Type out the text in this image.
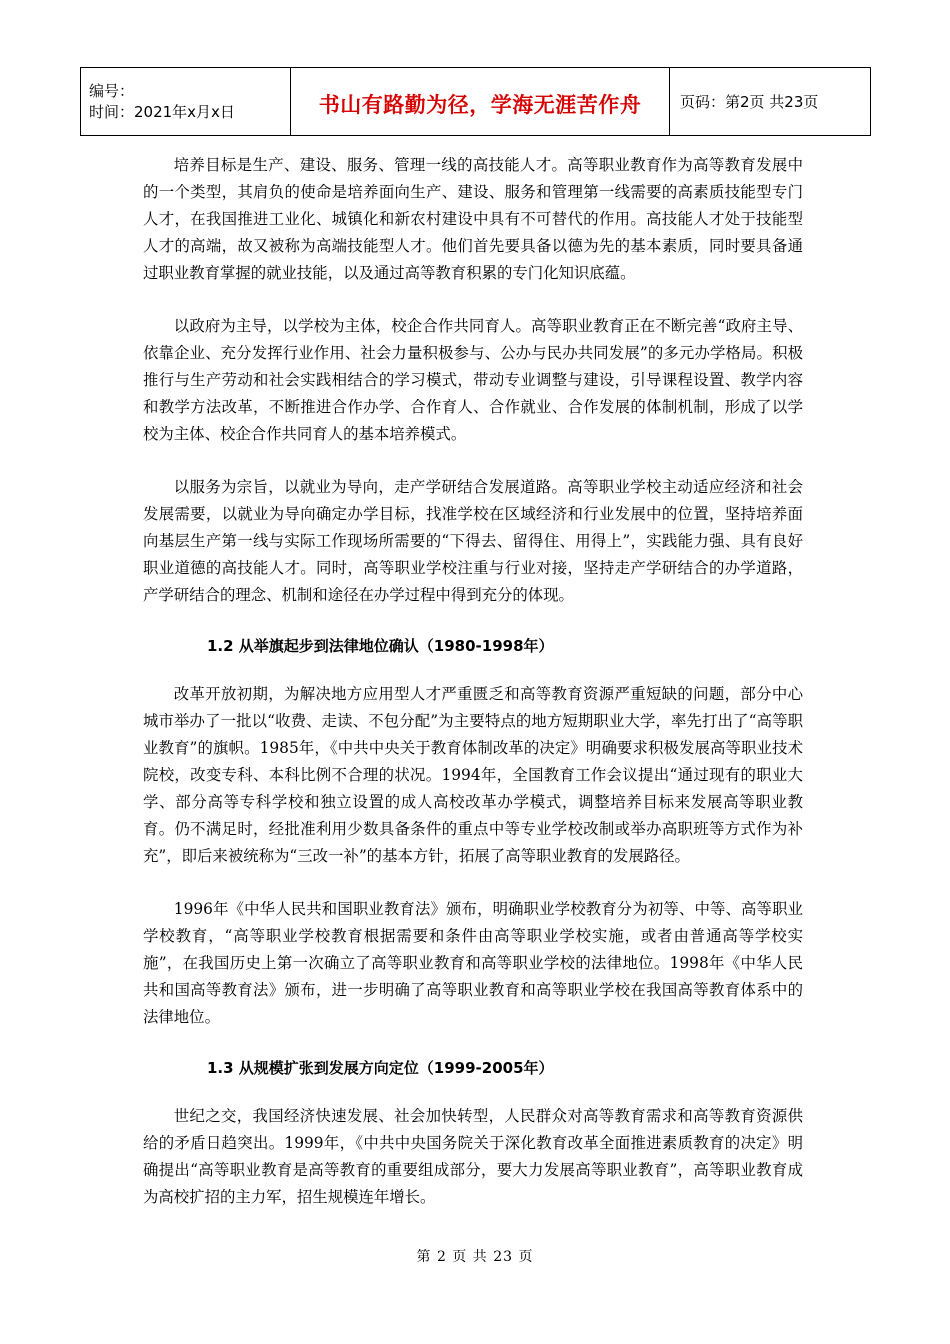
编号：
时间：2021年x月x日	书山有路勤为径，学海无涯苦作舟	页码：第2页 共23页

培养目标是生产、建设、服务、管理一线的高技能人才。高等职业教育作为高等教育发展中的一个类型，其肩负的使命是培养面向生产、建设、服务和管理第一线需要的高素质技能型专门人才，在我国推进工业化、城镇化和新农村建设中具有不可替代的作用。高技能人才处于技能型人才的高端，故又被称为高端技能型人才。他们首先要具备以德为先的基本素质，同时要具备通过职业教育掌握的就业技能，以及通过高等教育积累的专门化知识底蕴。

以政府为主导，以学校为主体，校企合作共同育人。高等职业教育正在不断完善“政府主导、依靠企业、充分发挥行业作用、社会力量积极参与、公办与民办共同发展”的多元办学格局。积极推行与生产劳动和社会实践相结合的学习模式，带动专业调整与建设，引导课程设置、教学内容和教学方法改革，不断推进合作办学、合作育人、合作就业、合作发展的体制机制，形成了以学校为主体、校企合作共同育人的基本培养模式。

以服务为宗旨，以就业为导向，走产学研结合发展道路。高等职业学校主动适应经济和社会发展需要，以就业为导向确定办学目标，找准学校在区域经济和行业发展中的位置，坚持培养面向基层生产第一线与实际工作现场所需要的“下得去、留得住、用得上”，实践能力强、具有良好职业道德的高技能人才。同时，高等职业学校注重与行业对接，坚持走产学研结合的办学道路，产学研结合的理念、机制和途径在办学过程中得到充分的体现。

1.2 从举旗起步到法律地位确认（1980-1998年）

改革开放初期，为解决地方应用型人才严重匮乏和高等教育资源严重短缺的问题，部分中心城市举办了一批以“收费、走读、不包分配”为主要特点的地方短期职业大学，率先打出了“高等职业教育”的旗帜。1985年，《中共中央关于教育体制改革的决定》明确要求积极发展高等职业技术院校，改变专科、本科比例不合理的状况。1994年，全国教育工作会议提出“通过现有的职业大学、部分高等专科学校和独立设置的成人高校改革办学模式，调整培养目标来发展高等职业教育。仍不满足时，经批准利用少数具备条件的重点中等专业学校改制或举办高职班等方式作为补充”，即后来被统称为“三改一补”的基本方针，拓展了高等职业教育的发展路径。

1996年《中华人民共和国职业教育法》颁布，明确职业学校教育分为初等、中等、高等职业学校教育，“高等职业学校教育根据需要和条件由高等职业学校实施，或者由普通高等学校实施”，在我国历史上第一次确立了高等职业教育和高等职业学校的法律地位。1998年《中华人民共和国高等教育法》颁布，进一步明确了高等职业教育和高等职业学校在我国高等教育体系中的法律地位。

1.3 从规模扩张到发展方向定位（1999-2005年）

世纪之交，我国经济快速发展、社会加快转型，人民群众对高等教育需求和高等教育资源供给的矛盾日趋突出。1999年，《中共中央国务院关于深化教育改革全面推进素质教育的决定》明确提出“高等职业教育是高等教育的重要组成部分，要大力发展高等职业教育”，高等职业教育成为高校扩招的主力军，招生规模连年增长。

第 2 页 共 23 页
